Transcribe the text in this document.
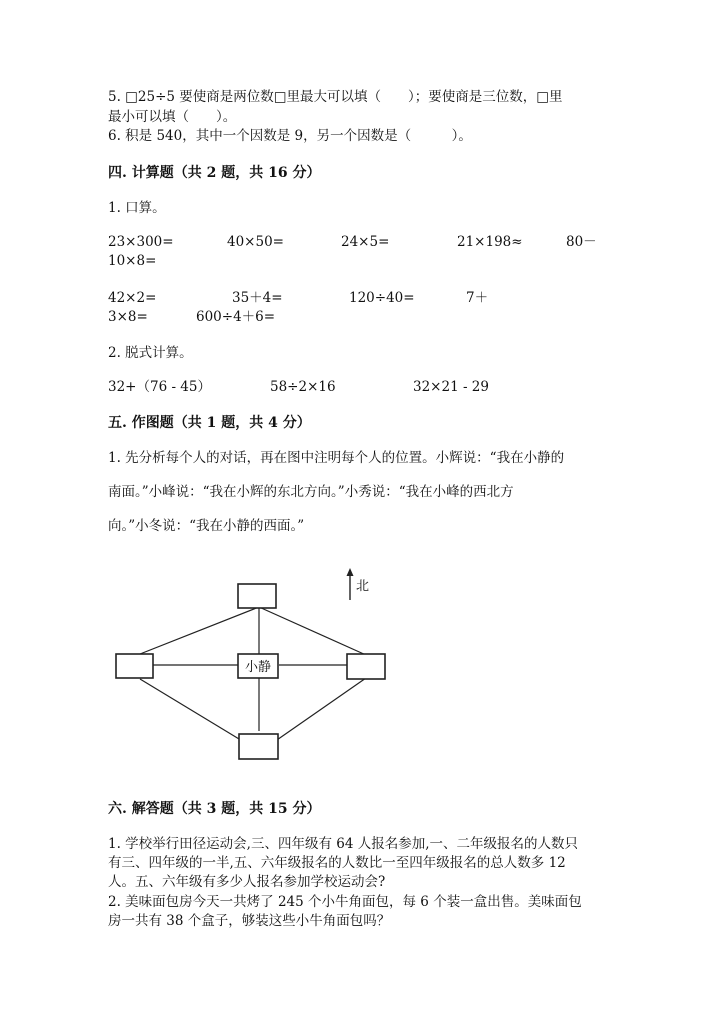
5. □25÷5 要使商是两位数□里最大可以填（　　）；要使商是三位数，□里
最小可以填（　　）。
6. 积是 540，其中一个因数是 9，另一个因数是（　　　）。
四. 计算题（共 2 题，共 16 分）
1. 口算。
23×300=	40×50=	24×5=	21×198≈	80－
10×8=
42×2=	35＋4=	120÷40=	7＋
3×8=	600÷4＋6=
2. 脱式计算。
32+（76 - 45）	58÷2×16	32×21 - 29
五. 作图题（共 1 题，共 4 分）
1. 先分析每个人的对话，再在图中注明每个人的位置。小辉说：“我在小静的
南面。”小峰说：“我在小辉的东北方向。”小秀说：“我在小峰的西北方
向。”小冬说：“我在小静的西面。”
小静
北
六. 解答题（共 3 题，共 15 分）
1. 学校举行田径运动会,三、四年级有 64 人报名参加,一、二年级报名的人数只
有三、四年级的一半,五、六年级报名的人数比一至四年级报名的总人数多 12
人。五、六年级有多少人报名参加学校运动会?
2. 美味面包房今天一共烤了 245 个小牛角面包，每 6 个装一盒出售。美味面包
房一共有 38 个盒子，够装这些小牛角面包吗？
